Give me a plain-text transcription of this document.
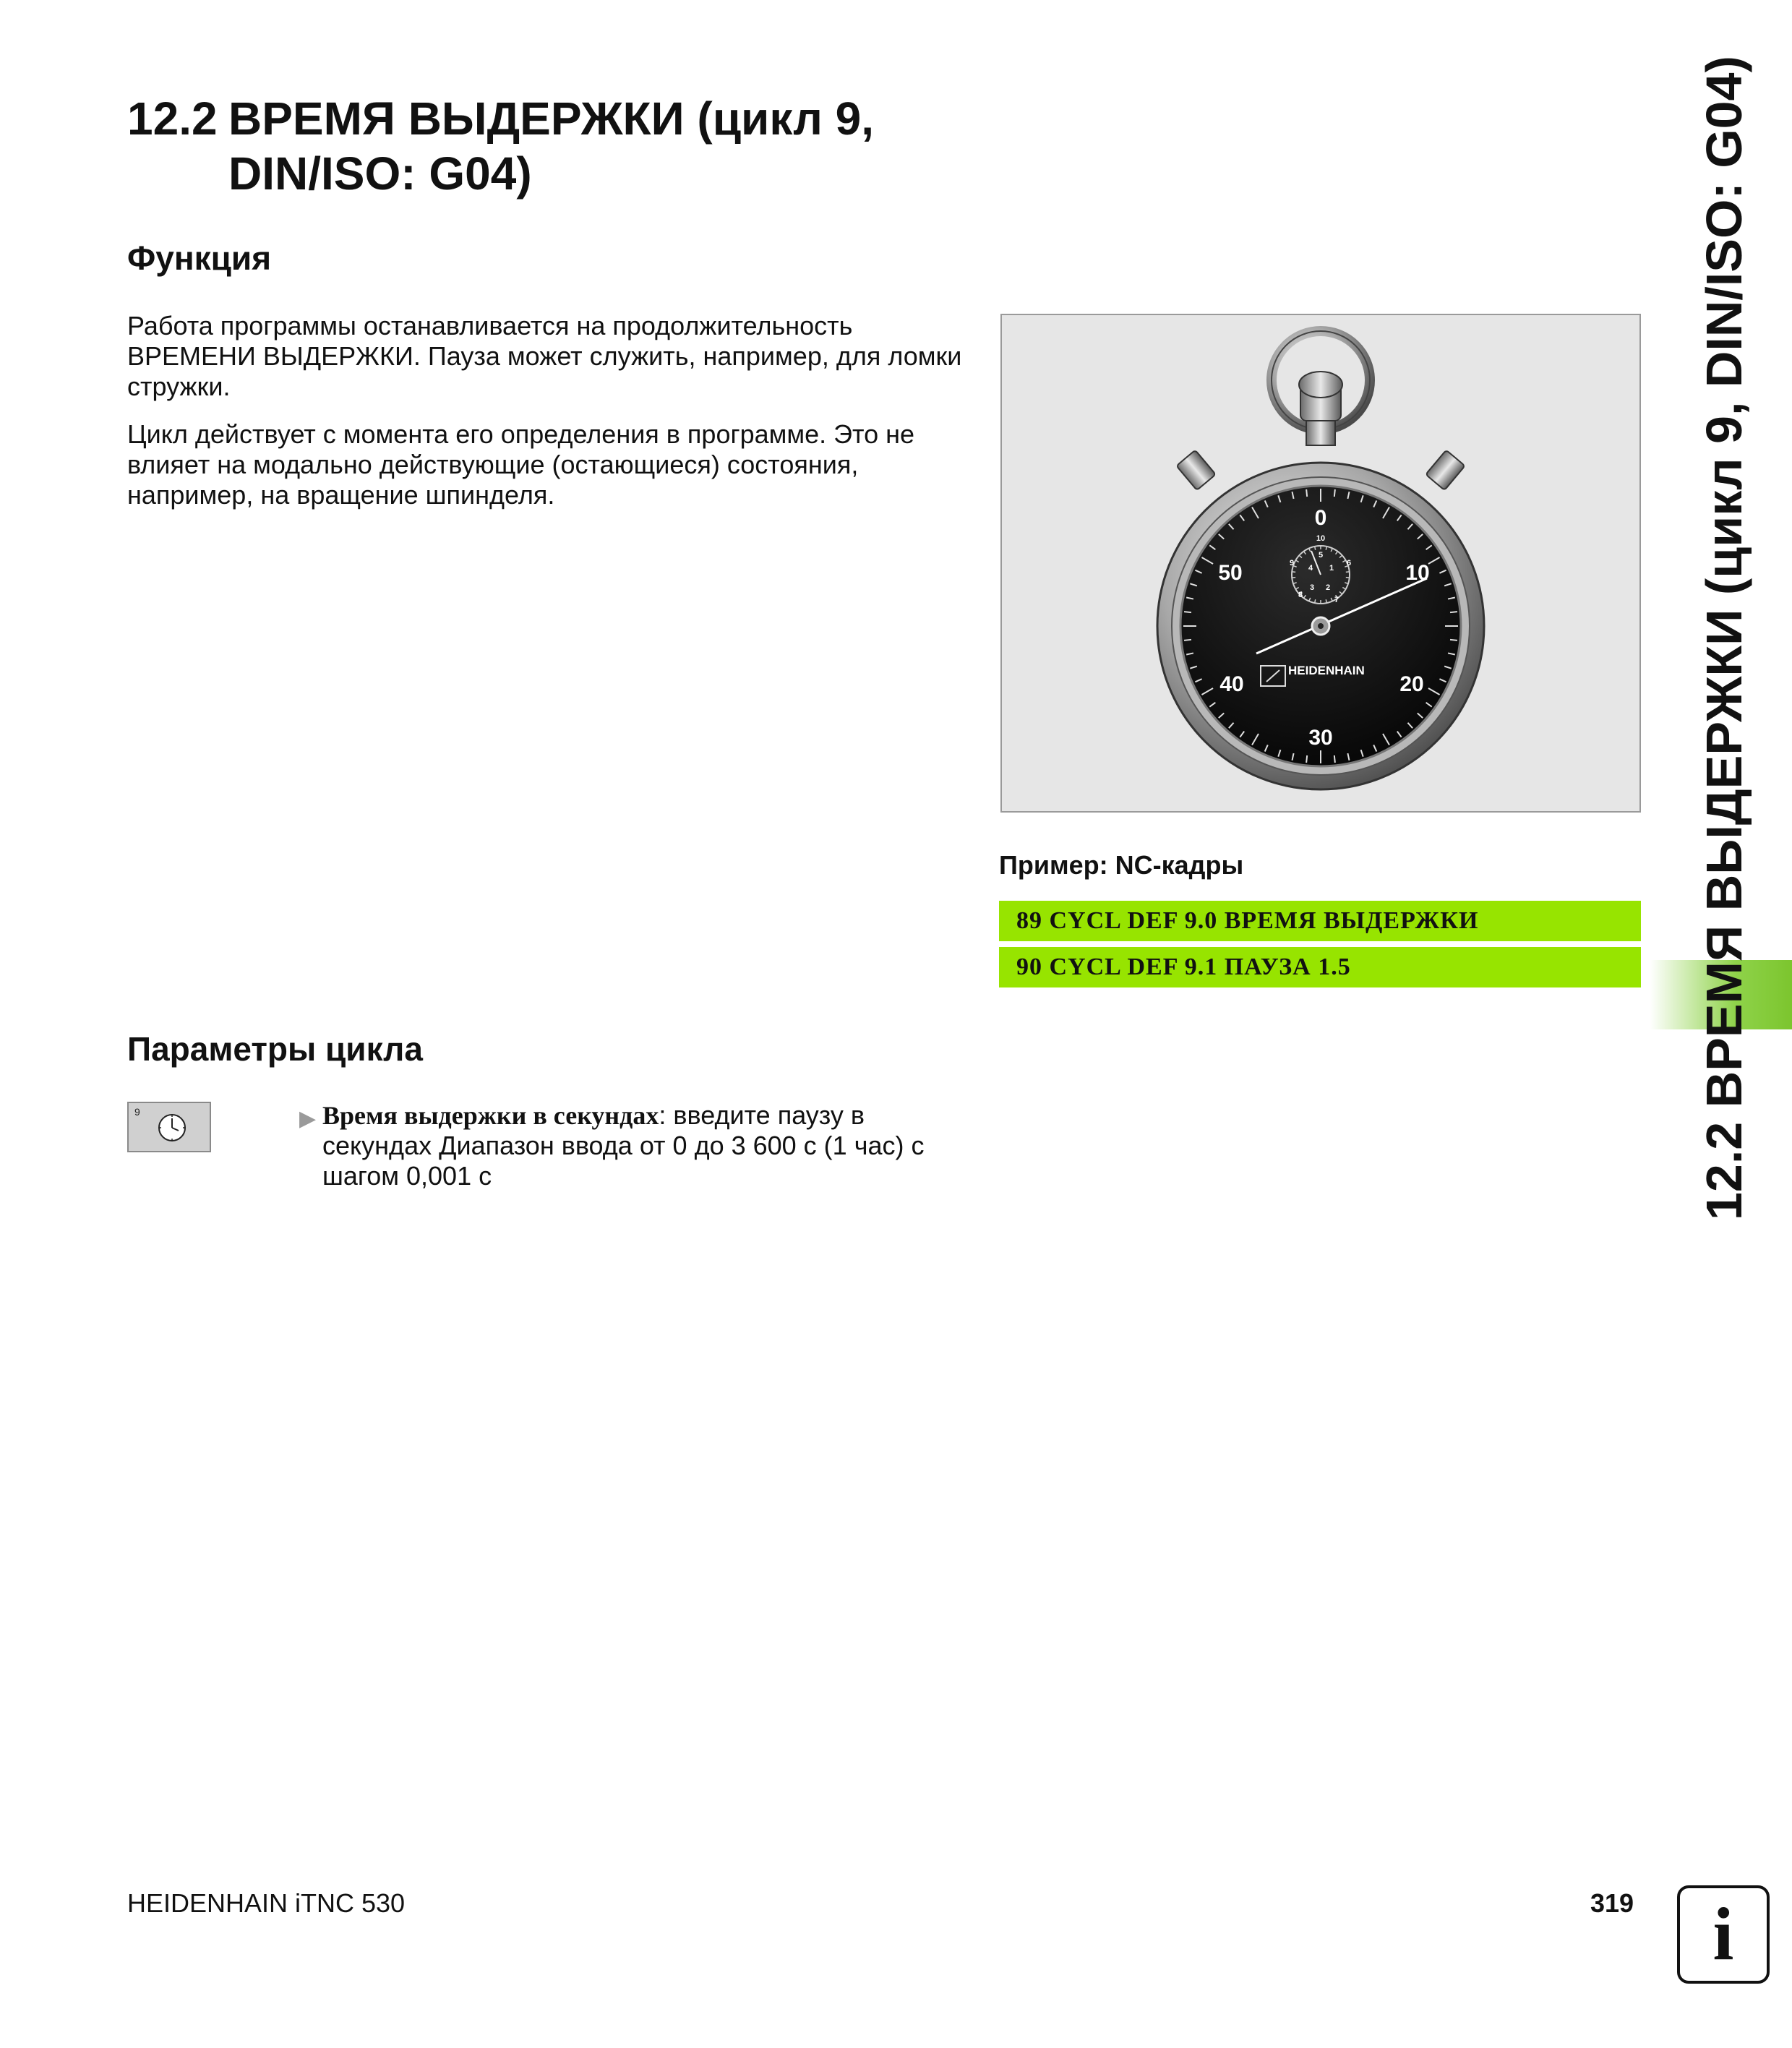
12.2 ВРЕМЯ ВЫДЕРЖКИ (цикл 9,
DIN/ISO: G04)
Функция
Работа программы останавливается на продолжительность ВРЕМЕНИ ВЫДЕРЖКИ. Пауза может служить, например, для ломки стружки.
Цикл действует с момента его определения в программе. Это не влияет на модально действующие (остающиеся) состояния, например, на вращение шпинделя.
0
10
20
30
40
50
10
9
8
7
6
5
4
3 2
1
HEIDENHAIN
Пример: NC-кадры
89 CYCL DEF 9.0 ВРЕМЯ ВЫДЕРЖКИ
90 CYCL DEF 9.1 ПАУЗА 1.5
Параметры цикла
9	▶ Время выдержки в секундах: введите паузу в секундах Диапазон ввода от 0 до 3 600 с (1 час) с шагом 0,001 с	12.2 ВРЕМЯ ВЫДЕРЖКИ (цикл 9, DIN/ISO: G04)
HEIDENHAIN iTNC 530	319	i
